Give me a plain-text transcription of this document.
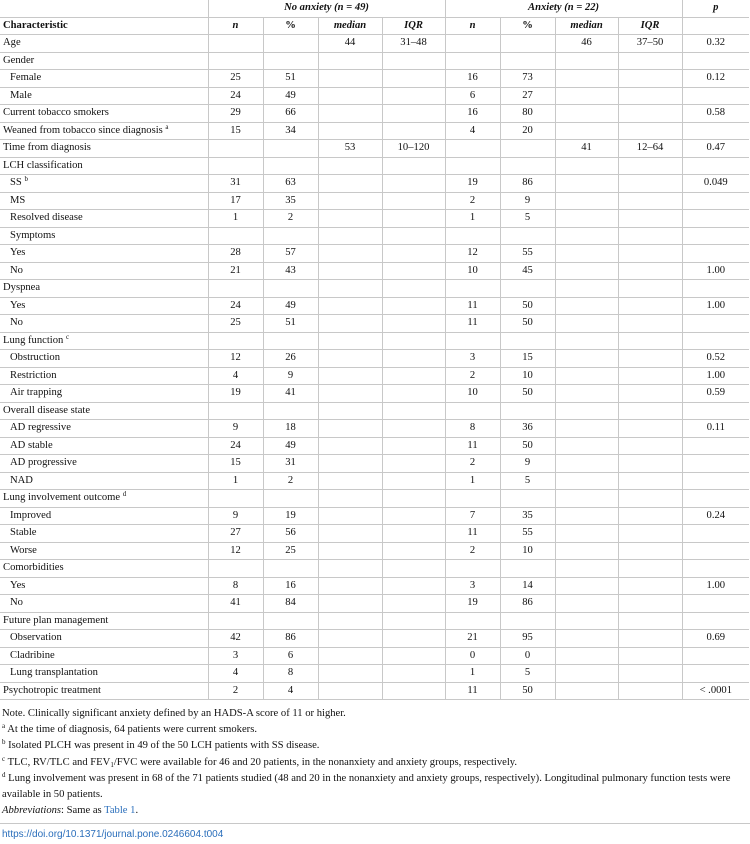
	No anxiety (n = 49)				Anxiety (n = 22)				p
Characteristic	n	%	median	IQR	n	%	median	IQR	
Age			44	31–48			46	37–50	0.32
Gender									
Female	25	51			16	73			0.12
Male	24	49			6	27			
Current tobacco smokers	29	66			16	80			0.58
Weaned from tobacco since diagnosis $^a$	15	34			4	20			
Time from diagnosis			53	10–120			41	12–64	0.47
LCH classification									
SS $^b$	31	63			19	86			0.049
MS	17	35			2	9			
Resolved disease	1	2			1	5			
Symptoms									
Yes	28	57			12	55			
No	21	43			10	45			1.00
Dyspnea									
Yes	24	49			11	50			1.00
No	25	51			11	50			
Lung function $^c$									
Obstruction	12	26			3	15			0.52
Restriction	4	9			2	10			1.00
Air trapping	19	41			10	50			0.59
Overall disease state									
AD regressive	9	18			8	36			0.11
AD stable	24	49			11	50			
AD progressive	15	31			2	9			
NAD	1	2			1	5			
Lung involvement outcome $^d$									
Improved	9	19			7	35			0.24
Stable	27	56			11	55			
Worse	12	25			2	10			
Comorbidities									
Yes	8	16			3	14			1.00
No	41	84			19	86			
Future plan management									
Observation	42	86			21	95			0.69
Cladribine	3	6			0	0			
Lung transplantation	4	8			1	5			
Psychotropic treatment	2	4			11	50			< .0001

Note. Clinically significant anxiety defined by an HADS-A score of 11 or higher.

$^a$ At the time of diagnosis, 64 patients were current smokers.

$^b$ Isolated PLCH was present in 49 of the 50 LCH patients with SS disease.

$^c$ TLC, RV/TLC and $FEV_1$/FVC were available for 46 and 20 patients, in the nonanxiety and anxiety groups, respectively.

$^d$ Lung involvement was present in 68 of the 71 patients studied (48 and 20 in the nonanxiety and anxiety groups, respectively). Longitudinal pulmonary function tests were available in 50 patients.

Abbreviations: Same as Table 1.

https://doi.org/10.1371/journal.pone.0246604.t004
